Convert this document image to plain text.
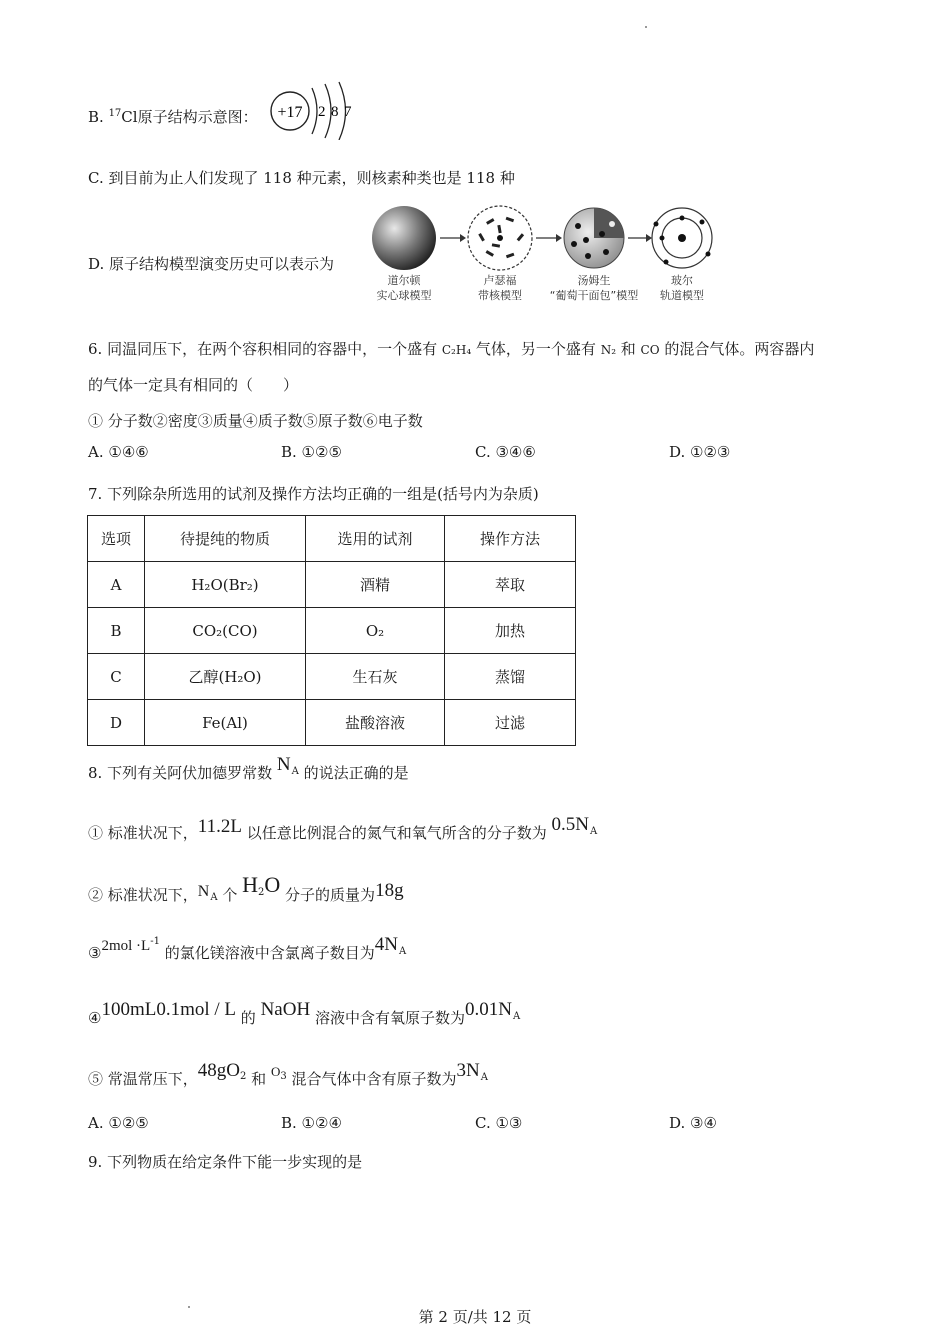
B. $^{17}$Cl原子结构示意图： +17 2 8 7
C. 到目前为止人们发现了 118 种元素，则核素种类也是 118 种
D. 原子结构模型演变历史可以表示为
道尔顿
实心球模型
卢瑟福
带核模型
汤姆生
“葡萄干面包”模型
玻尔
轨道模型
6. 同温同压下，在两个容积相同的容器中，一个盛有 C₂H₄ 气体，另一个盛有 N₂ 和 CO 的混合气体。两容器内
的气体一定具有相同的（　　）
① 分子数②密度③质量④质子数⑤原子数⑥电子数
A. ①④⑥	B. ①②⑤	C. ③④⑥	D. ①②③
7. 下列除杂所选用的试剂及操作方法均正确的一组是(括号内为杂质)
选项	待提纯的物质	选用的试剂	操作方法
A	H₂O(Br₂)	酒精	萃取
B	CO₂(CO)	O₂	加热
C	乙醇(H₂O)	生石灰	蒸馏
D	Fe(Al)	盐酸溶液	过滤
8. 下列有关阿伏加德罗常数 $N_A$ 的说法正确的是
① 标准状况下，11.2L 以任意比例混合的氮气和氧气所含的分子数为 $0.5N_A$
② 标准状况下，$N_A$ 个 $H_2O$ 分子的质量为18g
③2mol $\cdot L^{-1}$ 的氯化镁溶液中含氯离子数目为$4N_A$
④100mL0.1mol / L 的 NaOH 溶液中含有氧原子数为$0.01N_A$
⑤ 常温常压下，$48gO_2$ 和 $O_3$ 混合气体中含有原子数为$3N_A$
A. ①②⑤	B. ①②④	C. ①③	D. ③④
9. 下列物质在给定条件下能一步实现的是
第 2 页/共 12 页
